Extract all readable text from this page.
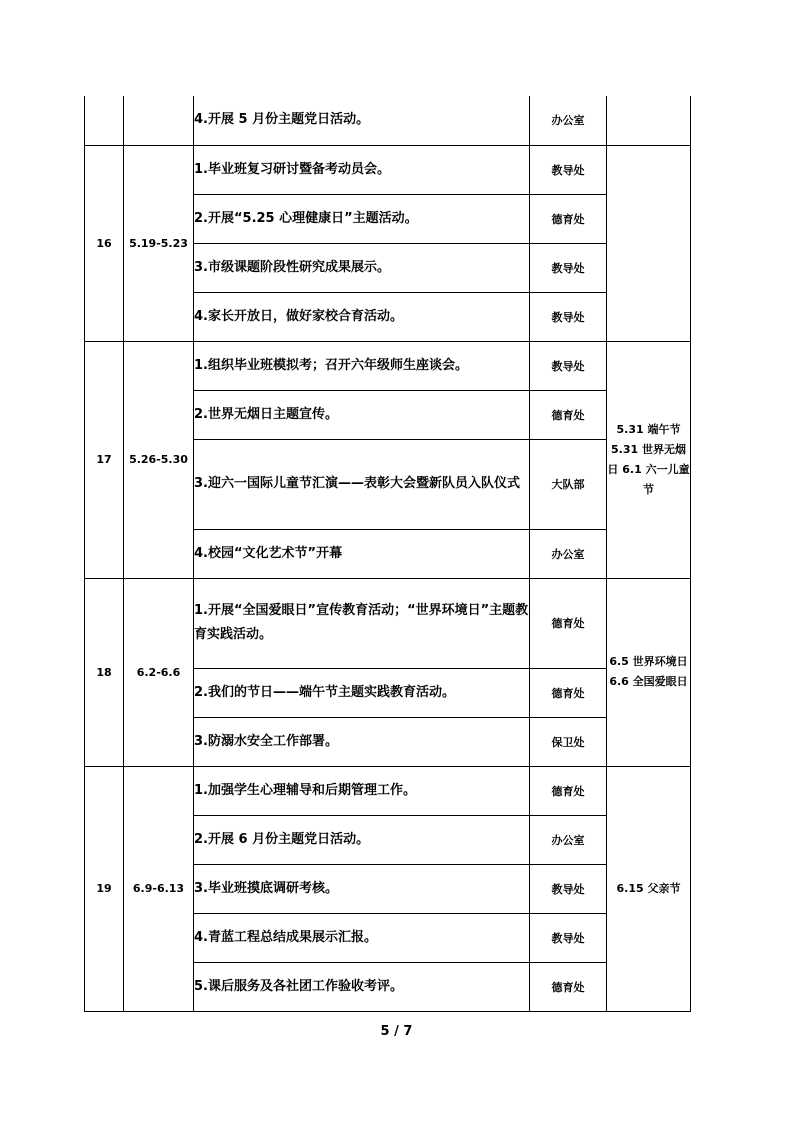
		4.开展 5 月份主题党日活动。	办公室	
16	5.19-5.23	1.毕业班复习研讨暨备考动员会。	教导处	
		2.开展“5.25 心理健康日”主题活动。	德育处	
		3.市级课题阶段性研究成果展示。	教导处	
		4.家长开放日，做好家校合育活动。	教导处	
17	5.26-5.30	1.组织毕业班模拟考；召开六年级师生座谈会。	教导处	5.31 端午节 5.31 世界无烟日 6.1 六一儿童节
		2.世界无烟日主题宣传。	德育处	
		3.迎六一国际儿童节汇演——表彰大会暨新队员入队仪式	大队部	
		4.校园“文化艺术节”开幕	办公室	
18	6.2-6.6	1.开展“全国爱眼日”宣传教育活动；“世界环境日”主题教育实践活动。	德育处	6.5 世界环境日 6.6 全国爱眼日
		2.我们的节日——端午节主题实践教育活动。	德育处	
		3.防溺水安全工作部署。	保卫处	
19	6.9-6.13	1.加强学生心理辅导和后期管理工作。	德育处	6.15 父亲节
		2.开展 6 月份主题党日活动。	办公室	
		3.毕业班摸底调研考核。	教导处	
		4.青蓝工程总结成果展示汇报。	教导处	
		5.课后服务及各社团工作验收考评。	德育处	
5 / 7
